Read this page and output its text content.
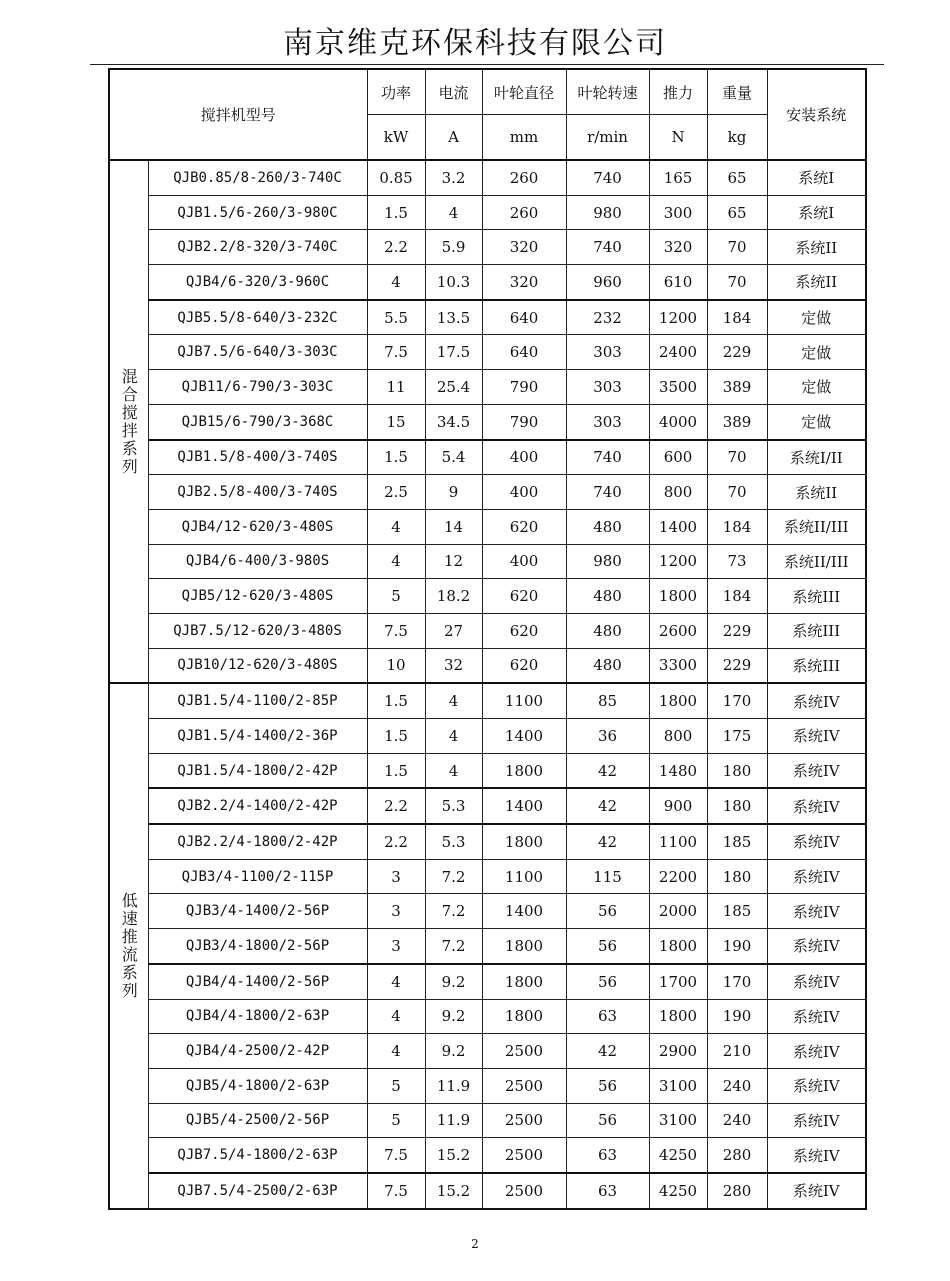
南京维克环保科技有限公司
搅拌机型号		功率	电流	叶轮直径	叶轮转速	推力	重量	安装系统
		kW	A	mm	r/min	N	kg	
混合搅拌系列	QJB0.85/8-260/3-740C	0.85	3.2	260	740	165	65	系统I
	QJB1.5/6-260/3-980C	1.5	4	260	980	300	65	系统I
	QJB2.2/8-320/3-740C	2.2	5.9	320	740	320	70	系统II
	QJB4/6-320/3-960C	4	10.3	320	960	610	70	系统II
	QJB5.5/8-640/3-232C	5.5	13.5	640	232	1200	184	定做
	QJB7.5/6-640/3-303C	7.5	17.5	640	303	2400	229	定做
	QJB11/6-790/3-303C	11	25.4	790	303	3500	389	定做
	QJB15/6-790/3-368C	15	34.5	790	303	4000	389	定做
	QJB1.5/8-400/3-740S	1.5	5.4	400	740	600	70	系统I/II
	QJB2.5/8-400/3-740S	2.5	9	400	740	800	70	系统II
	QJB4/12-620/3-480S	4	14	620	480	1400	184	系统II/III
	QJB4/6-400/3-980S	4	12	400	980	1200	73	系统II/III
	QJB5/12-620/3-480S	5	18.2	620	480	1800	184	系统III
	QJB7.5/12-620/3-480S	7.5	27	620	480	2600	229	系统III
	QJB10/12-620/3-480S	10	32	620	480	3300	229	系统III
低速推流系列	QJB1.5/4-1100/2-85P	1.5	4	1100	85	1800	170	系统IV
	QJB1.5/4-1400/2-36P	1.5	4	1400	36	800	175	系统IV
	QJB1.5/4-1800/2-42P	1.5	4	1800	42	1480	180	系统IV
	QJB2.2/4-1400/2-42P	2.2	5.3	1400	42	900	180	系统IV
	QJB2.2/4-1800/2-42P	2.2	5.3	1800	42	1100	185	系统IV
	QJB3/4-1100/2-115P	3	7.2	1100	115	2200	180	系统IV
	QJB3/4-1400/2-56P	3	7.2	1400	56	2000	185	系统IV
	QJB3/4-1800/2-56P	3	7.2	1800	56	1800	190	系统IV
	QJB4/4-1400/2-56P	4	9.2	1800	56	1700	170	系统IV
	QJB4/4-1800/2-63P	4	9.2	1800	63	1800	190	系统IV
	QJB4/4-2500/2-42P	4	9.2	2500	42	2900	210	系统IV
	QJB5/4-1800/2-63P	5	11.9	2500	56	3100	240	系统IV
	QJB5/4-2500/2-56P	5	11.9	2500	56	3100	240	系统IV
	QJB7.5/4-1800/2-63P	7.5	15.2	2500	63	4250	280	系统IV
	QJB7.5/4-2500/2-63P	7.5	15.2	2500	63	4250	280	系统IV
2
